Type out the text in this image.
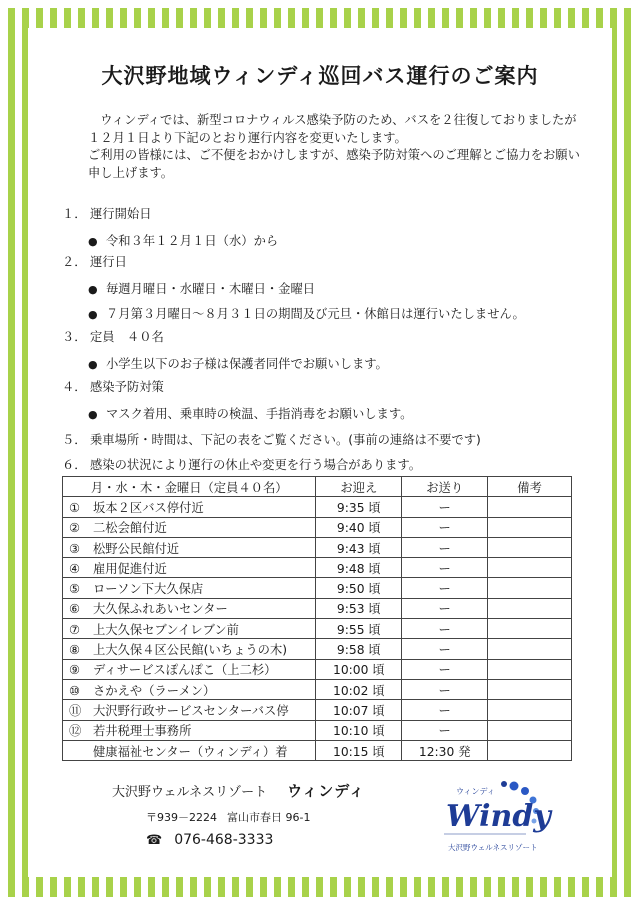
大沢野地域ウィンディ巡回バス運行のご案内

ウィンディでは、新型コロナウィルス感染予防のため、バスを２往復しておりましたが

１２月１日より下記のとおり運行内容を変更いたします。

ご利用の皆様には、ご不便をおかけしますが、感染予防対策へのご理解とご協力をお願い

申し上げます。

１． 運行開始日
● 令和３年１２月１日（水）から
２． 運行日
● 毎週月曜日・水曜日・木曜日・金曜日
● ７月第３月曜日～８月３１日の期間及び元旦・休館日は運行いたしません。
３． 定員　４０名
● 小学生以下のお子様は保護者同伴でお願いします。
４． 感染予防対策
● マスク着用、乗車時の検温、手指消毒をお願いします。
５． 乗車場所・時間は、下記の表をご覧ください。(事前の連絡は不要です)
６． 感染の状況により運行の休止や変更を行う場合があります。
月・水・木・金曜日（定員４０名）	お迎え	お送り	備考
① 坂本２区バス停付近	9:35 頃	ー	
② 二松会館付近	9:40 頃	ー	
③ 松野公民館付近	9:43 頃	ー	
④ 雇用促進付近	9:48 頃	ー	
⑤ ローソン下大久保店	9:50 頃	ー	
⑥ 大久保ふれあいセンター	9:53 頃	ー	
⑦ 上大久保セブンイレブン前	9:55 頃	ー	
⑧ 上大久保４区公民館(いちょうの木)	9:58 頃	ー	
⑨ ディサービスぽんぽこ（上二杉）	10:00 頃	ー	
⑩ さかえや（ラーメン）	10:02 頃	ー	
⑪ 大沢野行政サービスセンターバス停	10:07 頃	ー	
⑫ 若井税理士事務所	10:10 頃	ー	
健康福祉センター（ウィンディ）着	10:15 頃	12:30 発	
大沢野ウェルネスリゾート ウィンディ
〒939－2224 富山市春日 96-1
☎ 076-468-3333
ウィンディ
Windy
大沢野ウェルネスリゾート
